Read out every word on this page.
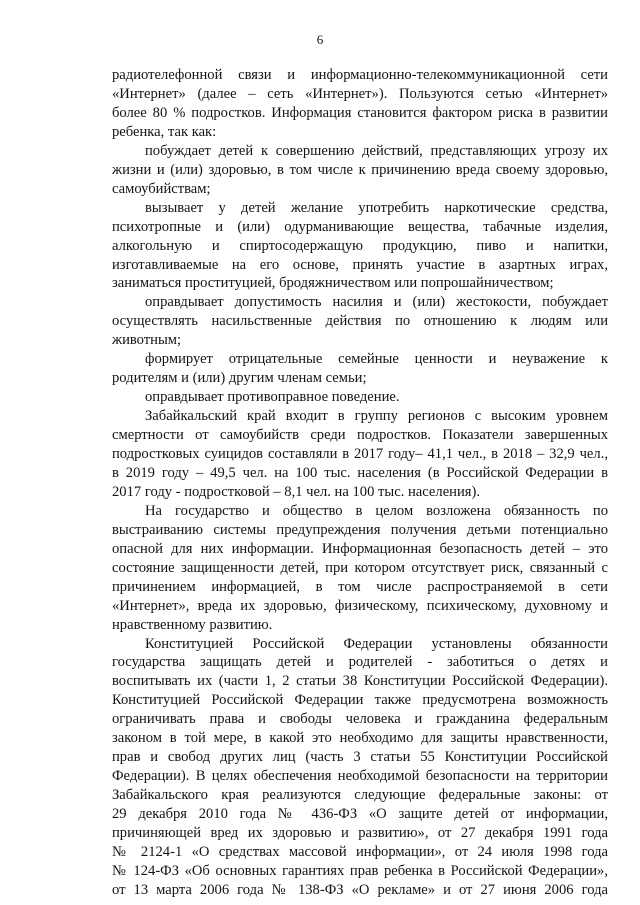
6
радиотелефонной связи и информационно-телекоммуникационной сети
«Интернет» (далее – сеть «Интернет»). Пользуются сетью «Интернет»
более 80 % подростков. Информация становится фактором риска в развитии
ребенка, так как:
побуждает детей к совершению действий, представляющих угрозу их
жизни и (или) здоровью, в том числе к причинению вреда своему здоровью,
самоубийствам;
вызывает у детей желание употребить наркотические средства,
психотропные и (или) одурманивающие вещества, табачные изделия,
алкогольную и спиртосодержащую продукцию, пиво и напитки,
изготавливаемые на его основе, принять участие в азартных играх,
заниматься проституцией, бродяжничеством или попрошайничеством;
оправдывает допустимость насилия и (или) жестокости, побуждает
осуществлять насильственные действия по отношению к людям или
животным;
формирует отрицательные семейные ценности и неуважение к
родителям и (или) другим членам семьи;
оправдывает противоправное поведение.
Забайкальский край входит в группу регионов с высоким уровнем
смертности от самоубийств среди подростков. Показатели завершенных
подростковых суицидов составляли в 2017 году– 41,1 чел., в 2018 – 32,9 чел.,
в 2019 году – 49,5 чел. на 100 тыс. населения (в Российской Федерации в
2017 году - подростковой – 8,1 чел. на 100 тыс. населения).
На государство и общество в целом возложена обязанность по
выстраиванию системы предупреждения получения детьми потенциально
опасной для них информации. Информационная безопасность детей – это
состояние защищенности детей, при котором отсутствует риск, связанный с
причинением информацией, в том числе распространяемой в сети
«Интернет», вреда их здоровью, физическому, психическому, духовному и
нравственному развитию.
Конституцией Российской Федерации установлены обязанности
государства защищать детей и родителей - заботиться о детях и
воспитывать их (части 1, 2 статьи 38 Конституции Российской Федерации).
Конституцией Российской Федерации также предусмотрена возможность
ограничивать права и свободы человека и гражданина федеральным
законом в той мере, в какой это необходимо для защиты нравственности,
прав и свобод других лиц (часть 3 статьи 55 Конституции Российской
Федерации). В целях обеспечения необходимой безопасности на территории
Забайкальского края реализуются следующие федеральные законы: от
29 декабря 2010 года № 436-ФЗ «О защите детей от информации,
причиняющей вред их здоровью и развитию», от 27 декабря 1991 года
№ 2124-1 «О средствах массовой информации», от 24 июля 1998 года
№ 124-ФЗ «Об основных гарантиях прав ребенка в Российской Федерации»,
от 13 марта 2006 года № 138-ФЗ «О рекламе» и от 27 июня 2006 года
